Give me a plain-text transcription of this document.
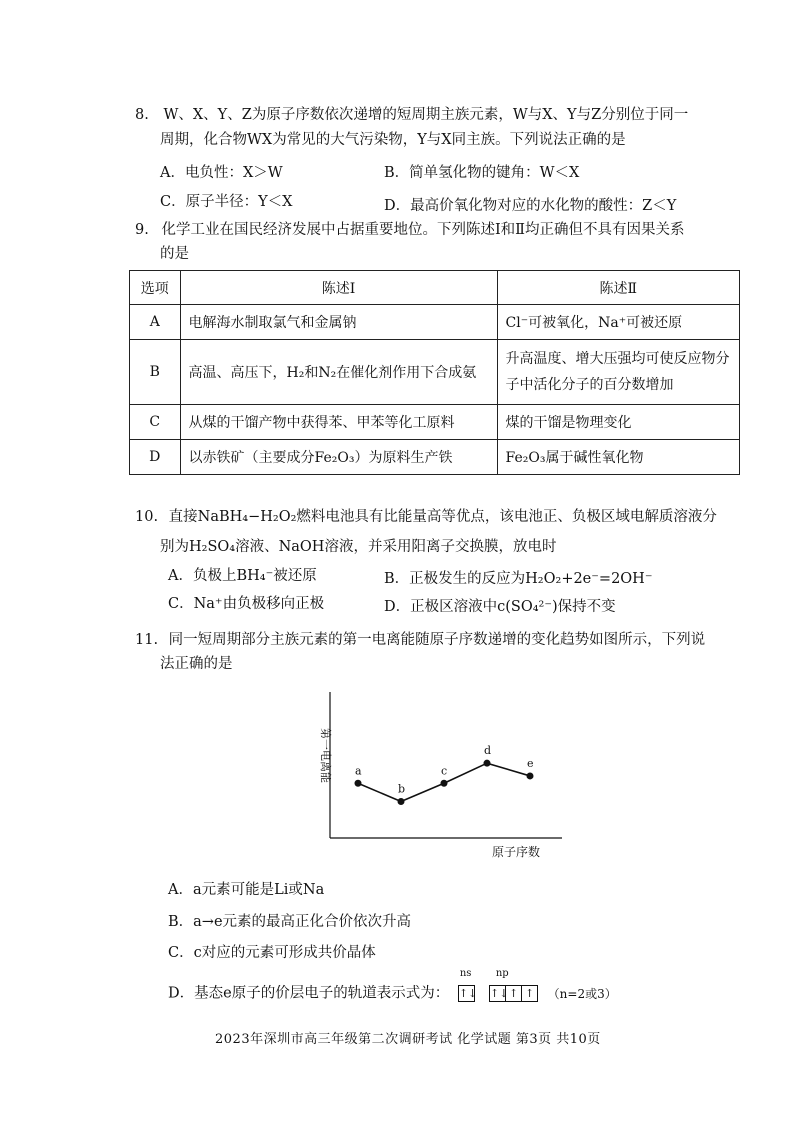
8. W、X、Y、Z为原子序数依次递增的短周期主族元素，W与X、Y与Z分别位于同一
周期，化合物WX为常见的大气污染物，Y与X同主族。下列说法正确的是
A．电负性：X＞W	B．简单氢化物的键角：W＜X
C．原子半径：Y＜X	D．最高价氧化物对应的水化物的酸性：Z＜Y
9. 化学工业在国民经济发展中占据重要地位。下列陈述Ⅰ和Ⅱ均正确但不具有因果关系
的是
选项	陈述Ⅰ	陈述Ⅱ
A	电解海水制取氯气和金属钠	Cl⁻可被氧化，Na⁺可被还原
B	高温、高压下，H₂和N₂在催化剂作用下合成氨	升高温度、增大压强均可使反应物分子中活化分子的百分数增加
C	从煤的干馏产物中获得苯、甲苯等化工原料	煤的干馏是物理变化
D	以赤铁矿（主要成分Fe₂O₃）为原料生产铁	Fe₂O₃属于碱性氧化物
10. 直接NaBH₄−H₂O₂燃料电池具有比能量高等优点，该电池正、负极区域电解质溶液分
别为H₂SO₄溶液、NaOH溶液，并采用阳离子交换膜，放电时
A．负极上BH₄⁻被还原	B．正极发生的反应为H₂O₂+2e⁻=2OH⁻
C．Na⁺由负极移向正极	D．正极区溶液中c(SO₄²⁻)保持不变
11. 同一短周期部分主族元素的第一电离能随原子序数递增的变化趋势如图所示，下列说
法正确的是
第一电离能
原子序数
a
b
c
d
e
A．a元素可能是Li或Na
B．a→e元素的最高正化合价依次升高
C．c对应的元素可形成共价晶体
D．基态e原子的价层电子的轨道表示式为：
ns np
↑↓ ↑↓↑ ↑ （n=2或3）
2023年深圳市高三年级第二次调研考试 化学试题 第3页 共10页
